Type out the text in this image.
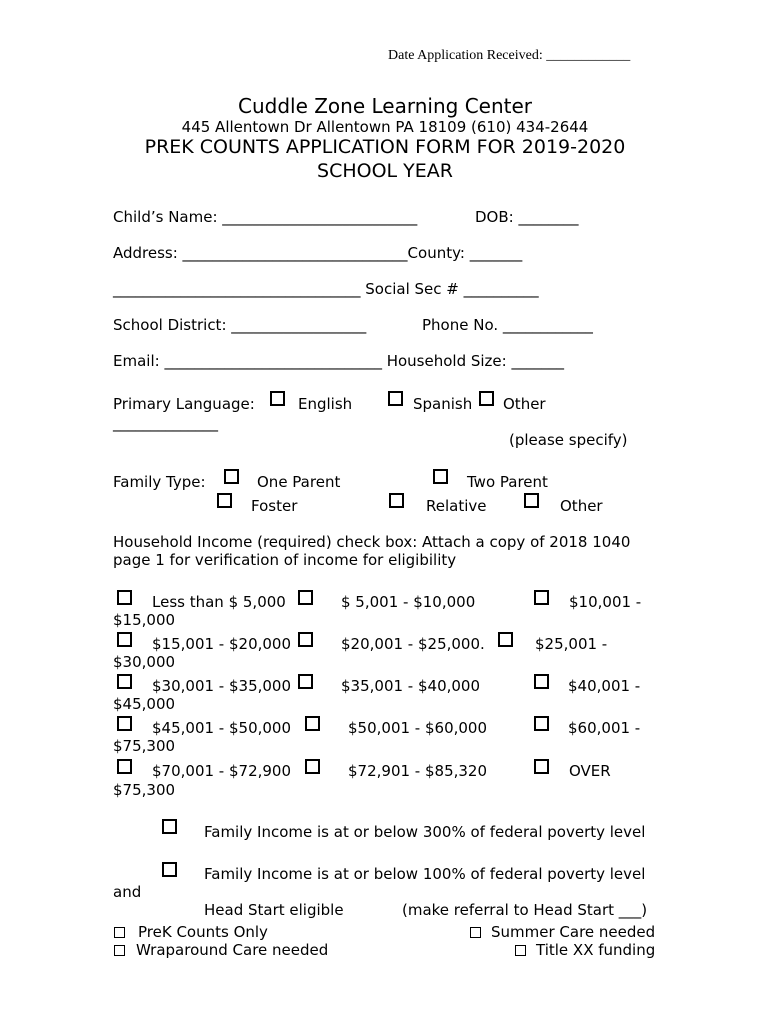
Date Application Received: ____________
Cuddle Zone Learning Center
445 Allentown Dr Allentown PA 18109 (610) 434-2644
PREK COUNTS APPLICATION FORM FOR 2019-2020
SCHOOL YEAR
Child’s Name: __________________________	DOB: ________
Address: ______________________________County: _______
_________________________________ Social Sec # __________
School District: __________________	Phone No. ____________
Email: _____________________________ Household Size: _______
Primary Language:	English	Spanish Other
______________
(please specify)
Family Type:	One Parent	Two Parent
Foster	Relative	Other
Household Income (required) check box: Attach a copy of 2018 1040
page 1 for verification of income for eligibility
Less than $ 5,000	$ 5,001 - $10,000	$10,001 -
$15,000
$15,001 - $20,000	$20,001 - $25,000.	$25,001 -
$30,000
$30,001 - $35,000	$35,001 - $40,000	$40,001 -
$45,000
$45,001 - $50,000	$50,001 - $60,000	$60,001 -
$75,300
$70,001 - $72,900	$72,901 - $85,320	OVER
$75,300
Family Income is at or below 300% of federal poverty level
Family Income is at or below 100% of federal poverty level
and
Head Start eligible	(make referral to Head Start ___)
PreK Counts Only	Summer Care needed
Wraparound Care needed	Title XX funding
